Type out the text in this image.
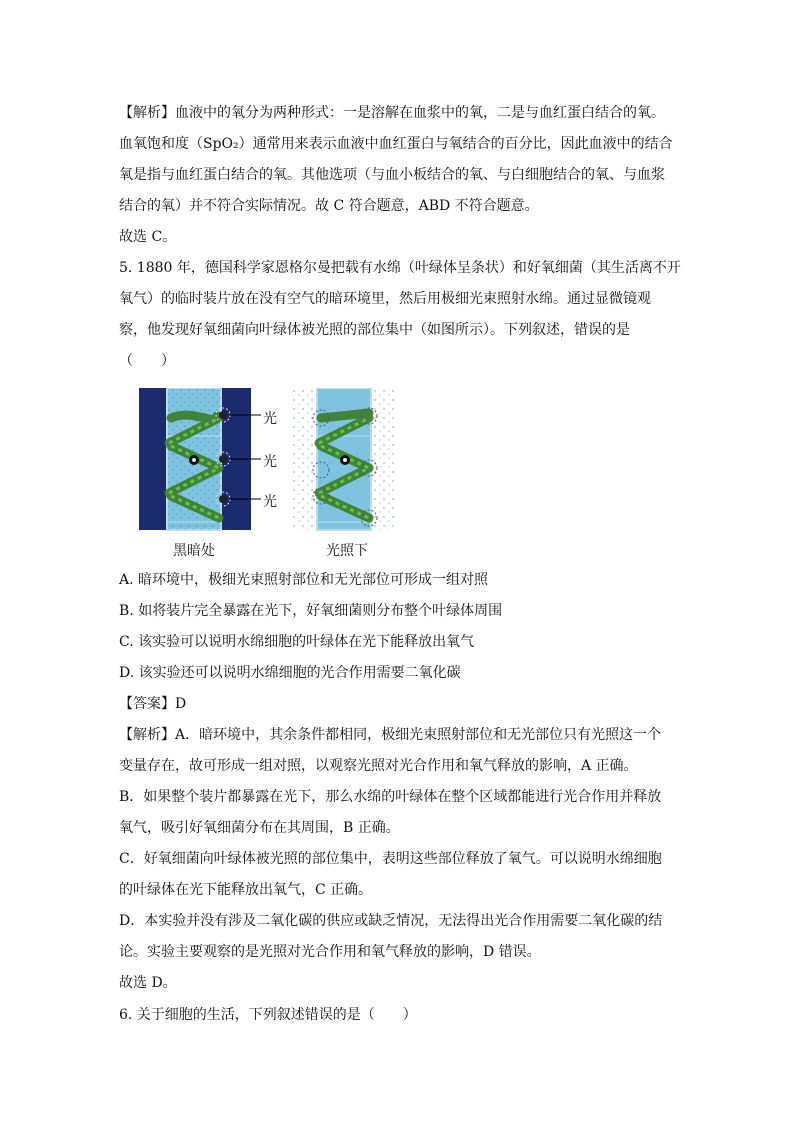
【解析】血液中的氧分为两种形式：一是溶解在血浆中的氧，二是与血红蛋白结合的氧。
血氧饱和度（SpO₂）通常用来表示血液中血红蛋白与氧结合的百分比，因此血液中的结合
氧是指与血红蛋白结合的氧。其他选项（与血小板结合的氧、与白细胞结合的氧、与血浆
结合的氧）并不符合实际情况。故 C 符合题意，ABD 不符合题意。
故选 C。
5. 1880 年，德国科学家恩格尔曼把载有水绵（叶绿体呈条状）和好氧细菌（其生活离不开
氧气）的临时装片放在没有空气的暗环境里，然后用极细光束照射水绵。通过显微镜观
察，他发现好氧细菌向叶绿体被光照的部位集中（如图所示）。下列叙述，错误的是
（　　）
光
光
光
黑暗处	光照下
A. 暗环境中，极细光束照射部位和无光部位可形成一组对照
B. 如将装片完全暴露在光下，好氧细菌则分布整个叶绿体周围
C. 该实验可以说明水绵细胞的叶绿体在光下能释放出氧气
D. 该实验还可以说明水绵细胞的光合作用需要二氧化碳
【答案】D
【解析】A．暗环境中，其余条件都相同，极细光束照射部位和无光部位只有光照这一个
变量存在，故可形成一组对照，以观察光照对光合作用和氧气释放的影响，A 正确。
B．如果整个装片都暴露在光下，那么水绵的叶绿体在整个区域都能进行光合作用并释放
氧气，吸引好氧细菌分布在其周围，B 正确。
C．好氧细菌向叶绿体被光照的部位集中，表明这些部位释放了氧气。可以说明水绵细胞
的叶绿体在光下能释放出氧气，C 正确。
D．本实验并没有涉及二氧化碳的供应或缺乏情况，无法得出光合作用需要二氧化碳的结
论。实验主要观察的是光照对光合作用和氧气释放的影响，D 错误。
故选 D。
6. 关于细胞的生活，下列叙述错误的是（　　）
